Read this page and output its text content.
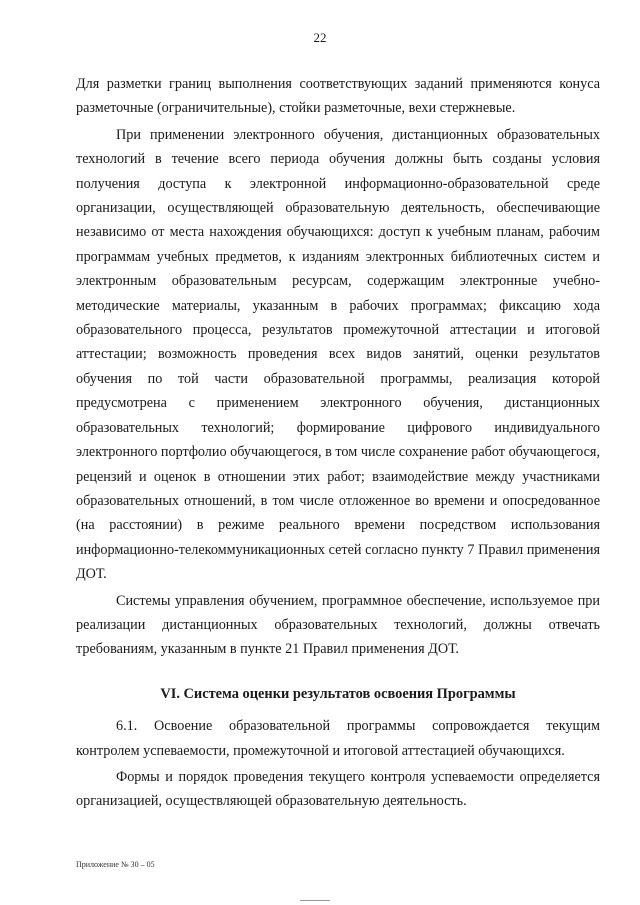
22

Для разметки границ выполнения соответствующих заданий применяются конуса разметочные (ограничительные), стойки разметочные, вехи стержневые.

При применении электронного обучения, дистанционных образовательных технологий в течение всего периода обучения должны быть созданы условия получения доступа к электронной информационно-образовательной среде организации, осуществляющей образовательную деятельность, обеспечивающие независимо от места нахождения обучающихся: доступ к учебным планам, рабочим программам учебных предметов, к изданиям электронных библиотечных систем и электронным образовательным ресурсам, содержащим электронные учебно-методические материалы, указанным в рабочих программах; фиксацию хода образовательного процесса, результатов промежуточной аттестации и итоговой аттестации; возможность проведения всех видов занятий, оценки результатов обучения по той части образовательной программы, реализация которой предусмотрена с применением электронного обучения, дистанционных образовательных технологий; формирование цифрового индивидуального электронного портфолио обучающегося, в том числе сохранение работ обучающегося, рецензий и оценок в отношении этих работ; взаимодействие между участниками образовательных отношений, в том числе отложенное во времени и опосредованное (на расстоянии) в режиме реального времени посредством использования информационно-телекоммуникационных сетей согласно пункту 7 Правил применения ДОТ.

Системы управления обучением, программное обеспечение, используемое при реализации дистанционных образовательных технологий, должны отвечать требованиям, указанным в пункте 21 Правил применения ДОТ.

VI. Система оценки результатов освоения Программы

6.1. Освоение образовательной программы сопровождается текущим контролем успеваемости, промежуточной и итоговой аттестацией обучающихся.

Формы и порядок проведения текущего контроля успеваемости определяется организацией, осуществляющей образовательную деятельность.

Приложение № 30 – 05
